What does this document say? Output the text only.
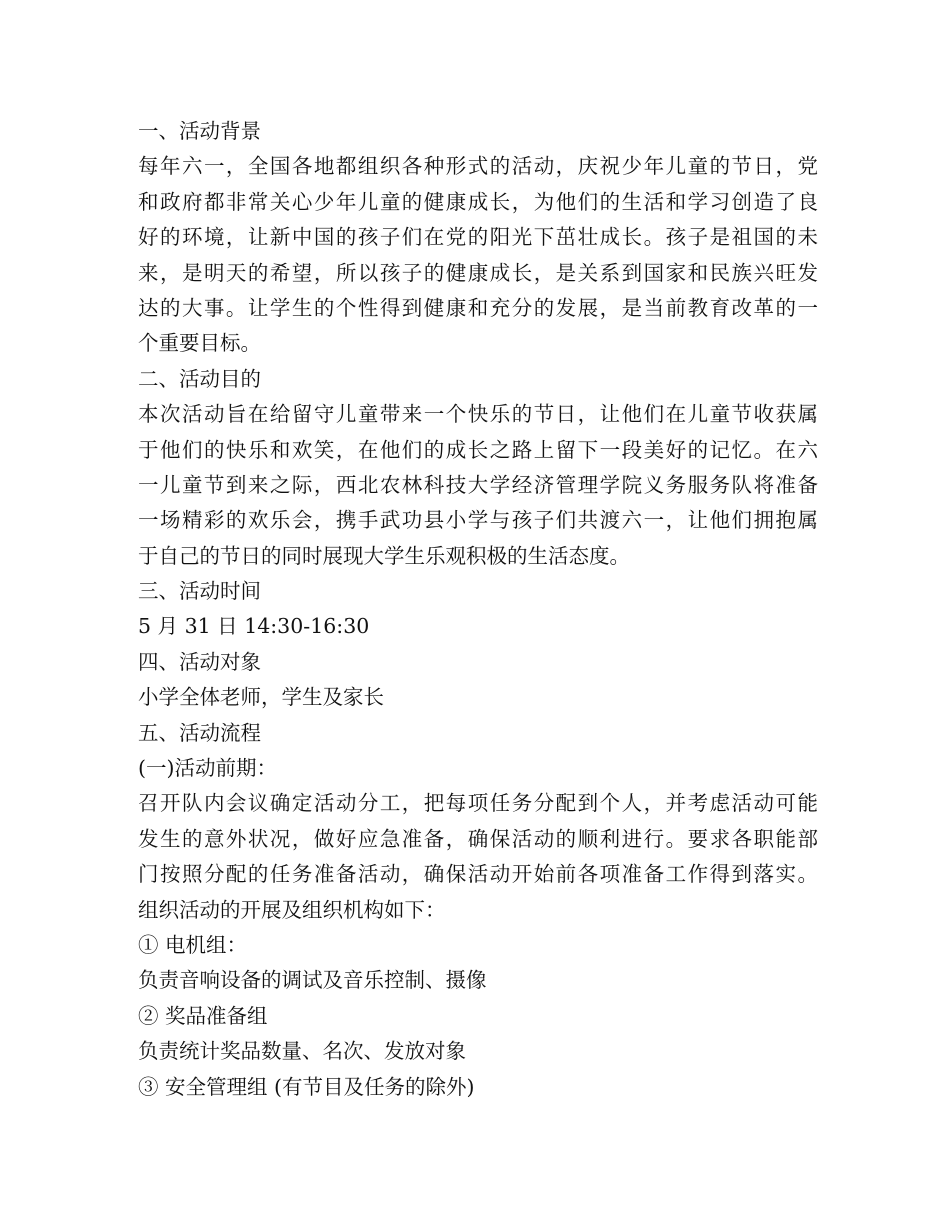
一、活动背景
每年六一，全国各地都组织各种形式的活动，庆祝少年儿童的节日，党
和政府都非常关心少年儿童的健康成长，为他们的生活和学习创造了良
好的环境，让新中国的孩子们在党的阳光下茁壮成长。孩子是祖国的未
来，是明天的希望，所以孩子的健康成长，是关系到国家和民族兴旺发
达的大事。让学生的个性得到健康和充分的发展，是当前教育改革的一
个重要目标。
二、活动目的
本次活动旨在给留守儿童带来一个快乐的节日，让他们在儿童节收获属
于他们的快乐和欢笑，在他们的成长之路上留下一段美好的记忆。在六
一儿童节到来之际，西北农林科技大学经济管理学院义务服务队将准备
一场精彩的欢乐会，携手武功县小学与孩子们共渡六一，让他们拥抱属
于自己的节日的同时展现大学生乐观积极的生活态度。
三、活动时间
5 月 31 日 14:30-16:30
四、活动对象
小学全体老师，学生及家长
五、活动流程
(一)活动前期：
召开队内会议确定活动分工，把每项任务分配到个人，并考虑活动可能
发生的意外状况，做好应急准备，确保活动的顺利进行。要求各职能部
门按照分配的任务准备活动，确保活动开始前各项准备工作得到落实。
组织活动的开展及组织机构如下：
① 电机组：
负责音响设备的调试及音乐控制、摄像
② 奖品准备组
负责统计奖品数量、名次、发放对象
③ 安全管理组 (有节目及任务的除外)
